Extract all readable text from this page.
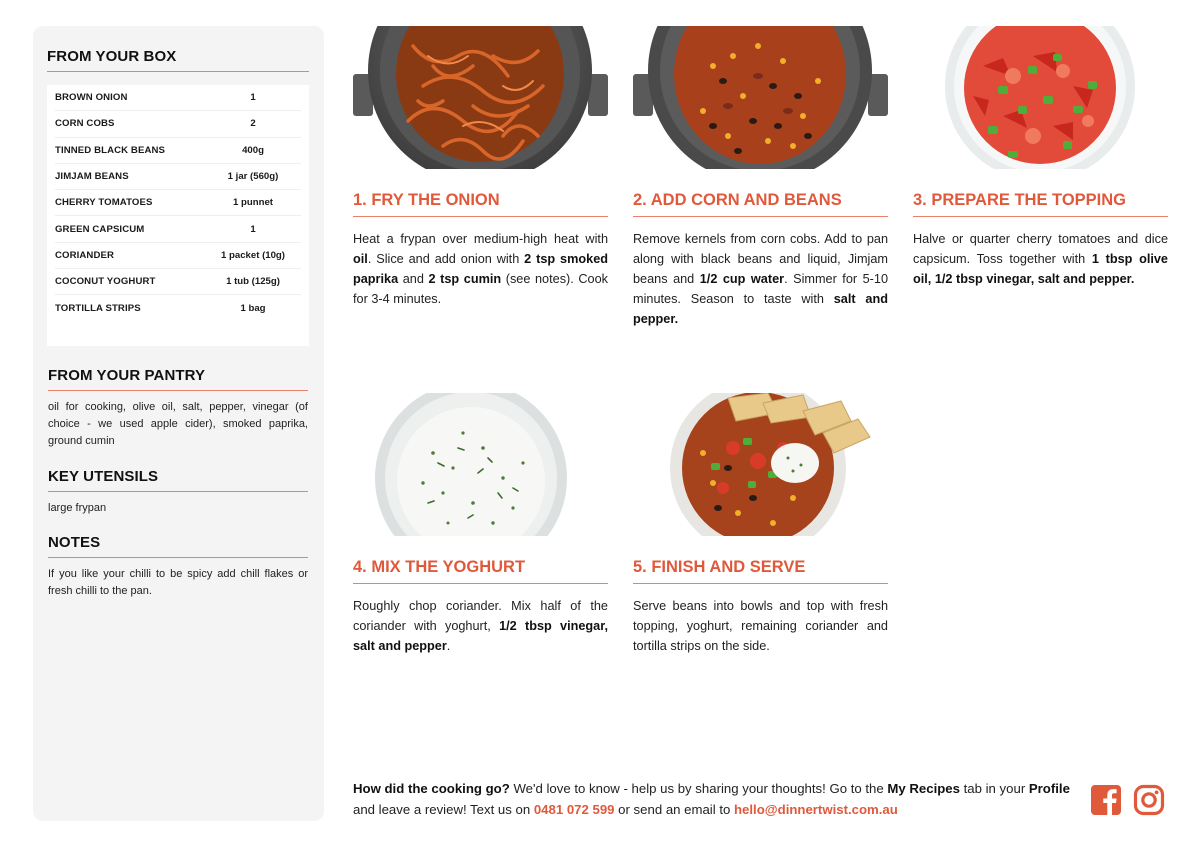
FROM YOUR BOX
BROWN ONION	1
CORN COBS	2
TINNED BLACK BEANS	400g
JIMJAM BEANS	1 jar (560g)
CHERRY TOMATOES	1 punnet
GREEN CAPSICUM	1
CORIANDER	1 packet (10g)
COCONUT YOGHURT	1 tub (125g)
TORTILLA STRIPS	1 bag
FROM YOUR PANTRY

oil for cooking, olive oil, salt, pepper, vinegar (of choice - we used apple cider), smoked paprika, ground cumin

KEY UTENSILS

large frypan

NOTES

If you like your chilli to be spicy add chill flakes or fresh chilli to the pan.

1. FRY THE ONION

Heat a frypan over medium-high heat with oil. Slice and add onion with 2 tsp smoked paprika and 2 tsp cumin (see notes). Cook for 3-4 minutes.

2. ADD CORN AND BEANS

Remove kernels from corn cobs. Add to pan along with black beans and liquid, Jimjam beans and 1/2 cup water. Simmer for 5-10 minutes. Season to taste with salt and pepper.

3. PREPARE THE TOPPING

Halve or quarter cherry tomatoes and dice capsicum. Toss together with 1 tbsp olive oil, 1/2 tbsp vinegar, salt and pepper.

4. MIX THE YOGHURT

Roughly chop coriander. Mix half of the coriander with yoghurt, 1/2 tbsp vinegar, salt and pepper.

5. FINISH AND SERVE

Serve beans into bowls and top with fresh topping, yoghurt, remaining coriander and tortilla strips on the side.

How did the cooking go? We'd love to know - help us by sharing your thoughts! Go to the My Recipes tab in your Profile and leave a review! Text us on 0481 072 599 or send an email to hello@dinnertwist.com.au
